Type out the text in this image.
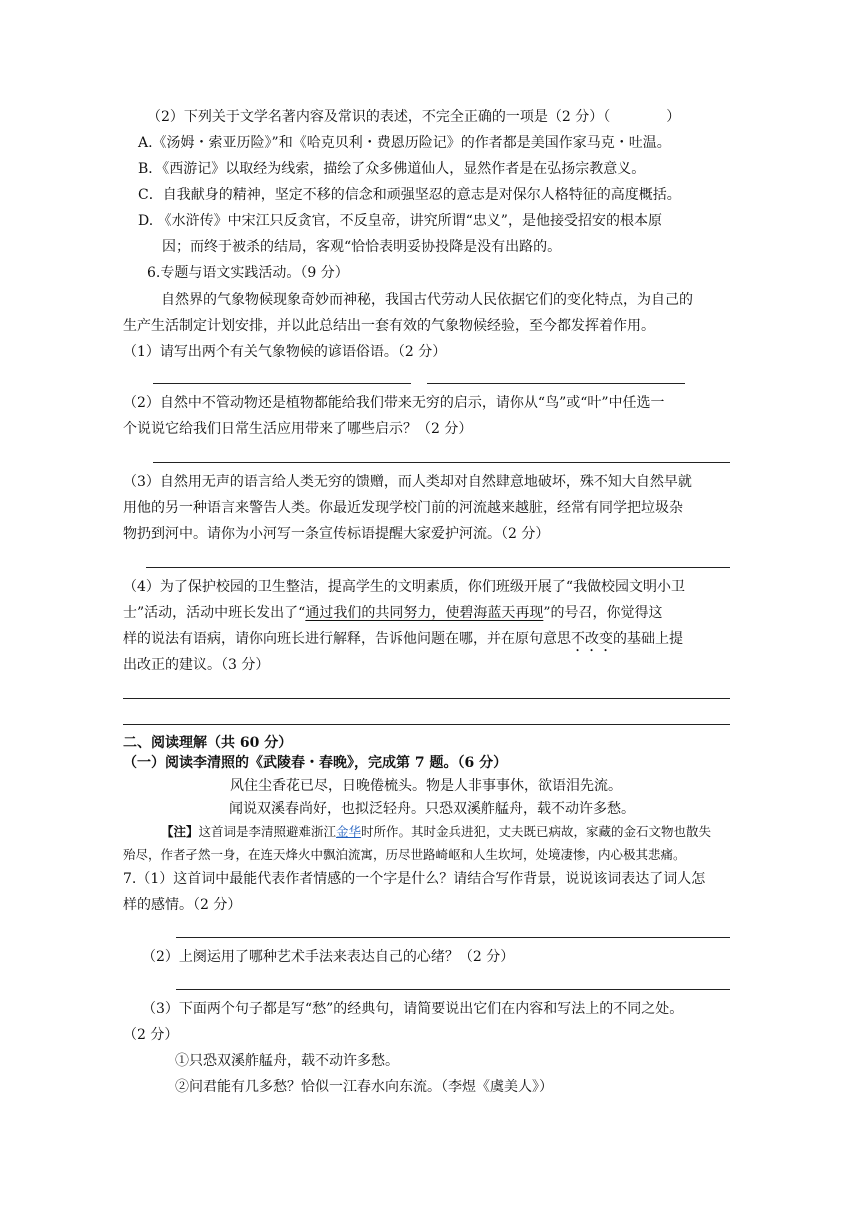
（2）下列关于文学名著内容及常识的表述，不完全正确的一项是（2 分）（　　　　）
A.《汤姆・索亚历险》”和《哈克贝利・费恩历险记》的作者都是美国作家马克・吐温。
B．《西游记》以取经为线索，描绘了众多佛道仙人，显然作者是在弘扬宗教意义。
C．自我献身的精神，坚定不移的信念和顽强坚忍的意志是对保尔人格特征的高度概括。
D. 《水浒传》中宋江只反贪官，不反皇帝，讲究所谓“忠义”，是他接受招安的根本原
因；而终于被杀的结局，客观“恰恰表明妥协投降是没有出路的。
6.专题与语文实践活动。（9 分）
自然界的气象物候现象奇妙而神秘，我国古代劳动人民依据它们的变化特点，为自己的
生产生活制定计划安排，并以此总结出一套有效的气象物候经验，至今都发挥着作用。
（1）请写出两个有关气象物候的谚语俗语。（2 分）
（2）自然中不管动物还是植物都能给我们带来无穷的启示，请你从“鸟”或“叶”中任选一
个说说它给我们日常生活应用带来了哪些启示？（2 分）
（3）自然用无声的语言给人类无穷的馈赠，而人类却对自然肆意地破坏，殊不知大自然早就
用他的另一种语言来警告人类。你最近发现学校门前的河流越来越脏，经常有同学把垃圾杂
物扔到河中。请你为小河写一条宣传标语提醒大家爱护河流。（2 分）
（4）为了保护校园的卫生整洁，提高学生的文明素质，你们班级开展了“我做校园文明小卫
士”活动，活动中班长发出了“通过我们的共同努力，使碧海蓝天再现”的号召，你觉得这
样的说法有语病，请你向班长进行解释，告诉他问题在哪，并在原句意思不改变的基础上提
出改正的建议。（3 分）
二、阅读理解（共 60 分）
（一）阅读李清照的《武陵春・春晚》，完成第 7 题。（6 分）
风住尘香花已尽，日晚倦梳头。物是人非事事休，欲语泪先流。
闻说双溪春尚好，也拟泛轻舟。只恐双溪舴艋舟，载不动许多愁。
【注】这首词是李清照避难浙江金华时所作。其时金兵进犯，丈夫既已病故，家藏的金石文物也散失
殆尽，作者孑然一身，在连天烽火中飘泊流寓，历尽世路崎岖和人生坎坷，处境凄惨，内心极其悲痛。
7.（1）这首词中最能代表作者情感的一个字是什么？请结合写作背景，说说该词表达了词人怎
样的感情。（2 分）
（2）上阕运用了哪种艺术手法来表达自己的心绪？（2 分）
（3）下面两个句子都是写“愁”的经典句，请简要说出它们在内容和写法上的不同之处。
（2 分）
①只恐双溪舴艋舟，载不动许多愁。
②问君能有几多愁？恰似一江春水向东流。（李煜《虞美人》）
